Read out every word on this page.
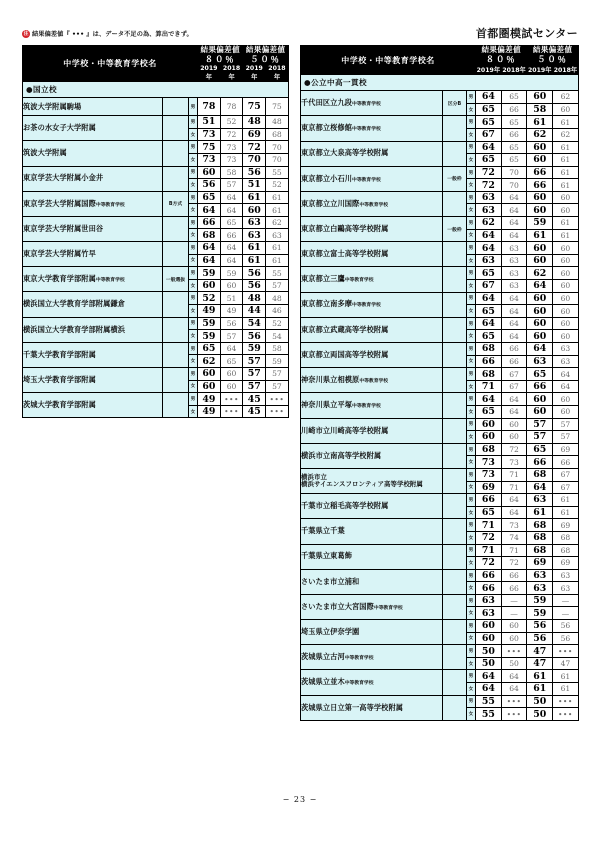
注 結果偏差値『 ••• 』は、データ不足の為、算出できず。	首都圏模試センター
中学校・中等教育学校名			結果偏差値
８０％		結果偏差値
５０％	

			2019年	2018年	2019年	2018年
●国立校						
筑波大学附属駒場		男	78	78	75	75
お茶の水女子大学附属		男	51	52	48	48
		女	73	72	69	68
筑波大学附属		男	75	73	72	70
		女	73	73	70	70
東京学芸大学附属小金井		男	60	58	56	55
		女	56	57	51	52
東京学芸大学附属国際中等教育学校	B方式	男	65	64	61	61
		女	64	64	60	61
東京学芸大学附属世田谷		男	66	65	63	62
		女	68	66	63	63
東京学芸大学附属竹早		男	64	64	61	61
		女	64	64	61	61
東京大学教育学部附属中等教育学校	一般選抜	男	59	59	56	55
		女	60	60	56	57
横浜国立大学教育学部附属鎌倉		男	52	51	48	48
		女	49	49	44	46
横浜国立大学教育学部附属横浜		男	59	56	54	52
		女	59	57	56	54
千葉大学教育学部附属		男	65	64	59	58
		女	62	65	57	59
埼玉大学教育学部附属		男	60	60	57	57
		女	60	60	57	57
茨城大学教育学部附属		男	49	•••	45	•••
		女	49	•••	45	•••
中学校・中等教育学校名			結果偏差値
８０％		結果偏差値
５０％	

			2019年	2018年	2019年	2018年
●公立中高一貫校						
千代田区立九段中等教育学校	区分B	男	64	65	60	62
		女	65	66	58	60
東京都立桜修館中等教育学校		男	65	65	61	61
		女	67	66	62	62
東京都立大泉高等学校附属		男	64	65	60	61
		女	65	65	60	61
東京都立小石川中等教育学校	一般枠	男	72	70	66	61
		女	72	70	66	61
東京都立立川国際中等教育学校		男	63	64	60	60
		女	63	64	60	60
東京都立白鷗高等学校附属	一般枠	男	62	64	59	61
		女	64	64	61	61
東京都立富士高等学校附属		男	64	63	60	60
		女	63	63	60	60
東京都立三鷹中等教育学校		男	65	63	62	60
		女	67	63	64	60
東京都立南多摩中等教育学校		男	64	64	60	60
		女	65	64	60	60
東京都立武蔵高等学校附属		男	64	64	60	60
		女	65	64	60	60
東京都立両国高等学校附属		男	68	66	64	63
		女	66	66	63	63
神奈川県立相模原中等教育学校		男	68	67	65	64
		女	71	67	66	64
神奈川県立平塚中等教育学校		男	64	64	60	60
		女	65	64	60	60
川崎市立川崎高等学校附属		男	60	60	57	57
		女	60	60	57	57
横浜市立南高等学校附属		男	68	72	65	69
		女	73	73	66	66

横浜市立
横浜サイエンスフロンティア高等学校附属		男	73	71	68	67
		女	69	71	64	67
千葉市立稲毛高等学校附属		男	66	64	63	61
		女	65	64	61	61
千葉県立千葉		男	71	73	68	69
		女	72	74	68	68
千葉県立東葛飾		男	71	71	68	68
		女	72	72	69	69
さいたま市立浦和		男	66	66	63	63
		女	66	66	63	63
さいたま市立大宮国際中等教育学校		男	63	—	59	—
		女	63	—	59	—
埼玉県立伊奈学園		男	60	60	56	56
		女	60	60	56	56
茨城県立古河中等教育学校		男	50	•••	47	•••
		女	50	50	47	47
茨城県立並木中等教育学校		男	64	64	61	61
		女	64	64	61	61
茨城県立日立第一高等学校附属		男	55	•••	50	•••
		女	55	•••	50	•••
− 23 −
